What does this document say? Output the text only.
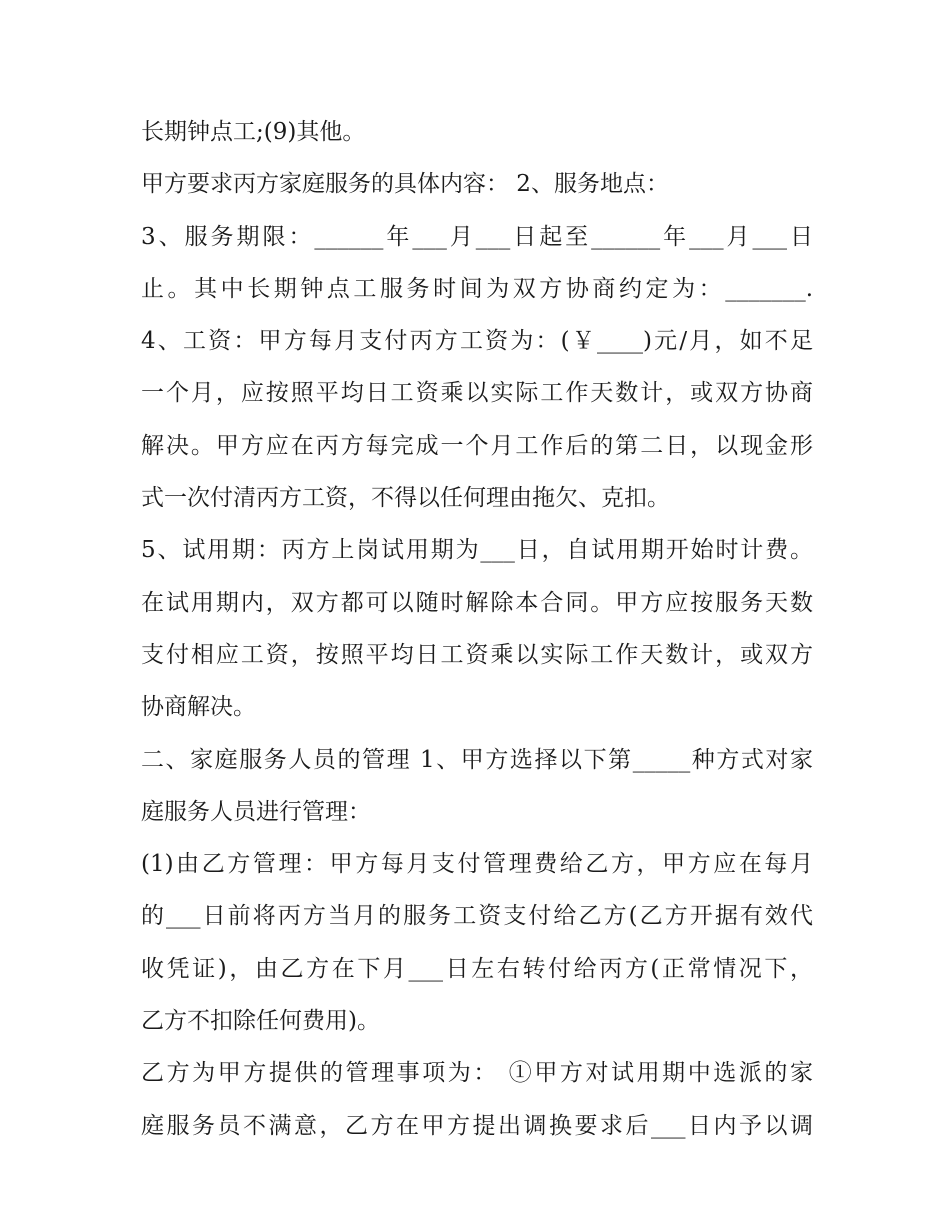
长期钟点工;(9)其他。
甲方要求丙方家庭服务的具体内容： 2、服务地点：
3、服务期限：______年___月___日起至______年___月___日
止。其中长期钟点工服务时间为双方协商约定为：_______.
4、工资：甲方每月支付丙方工资为：(￥____)元/月，如不足
一个月，应按照平均日工资乘以实际工作天数计，或双方协商
解决。甲方应在丙方每完成一个月工作后的第二日，以现金形
式一次付清丙方工资，不得以任何理由拖欠、克扣。
5、试用期：丙方上岗试用期为___日，自试用期开始时计费。
在试用期内，双方都可以随时解除本合同。甲方应按服务天数
支付相应工资，按照平均日工资乘以实际工作天数计，或双方
协商解决。
二、家庭服务人员的管理 1、甲方选择以下第_____种方式对家
庭服务人员进行管理：
(1)由乙方管理：甲方每月支付管理费给乙方，甲方应在每月
的___日前将丙方当月的服务工资支付给乙方(乙方开据有效代
收凭证)，由乙方在下月___日左右转付给丙方(正常情况下，
乙方不扣除任何费用)。
乙方为甲方提供的管理事项为： ①甲方对试用期中选派的家
庭服务员不满意，乙方在甲方提出调换要求后___日内予以调
